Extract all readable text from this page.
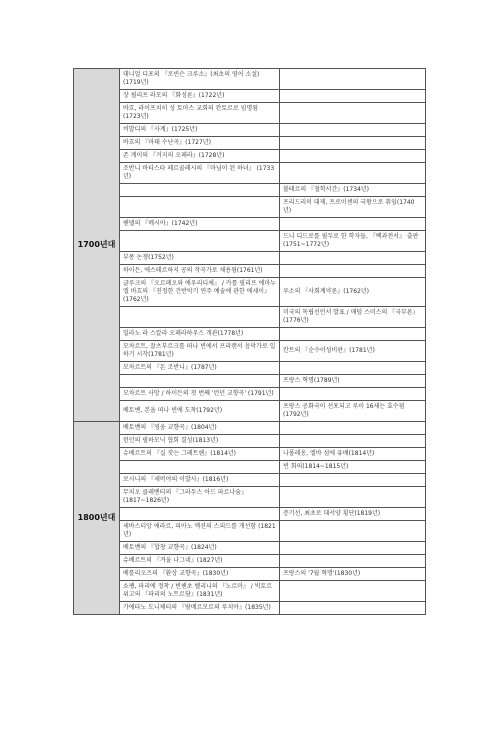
1700년대	대니얼 디포의 『로빈슨 크루소』(최초의 영어 소설) (1719년)	
	장 필리프 라모의 『화성론』(1722년)	
	바흐, 라이프치히 성 토마스 교회의 칸토르로 임명됨 (1723년)	
	비발디의 『사계』(1725년)	
	바흐의 『마태 수난곡』(1727년)	
	존 게이의 『거지의 오페라』(1728년)	
	조반니 바티스타 페르골레시의 『마님이 된 하녀』 (1733년)	
		볼테르의 『철학서간』(1734년)
		프리드리히 대제, 프로이센의 국왕으로 취임(1740년)
	헨델의 『메시아』(1742년)	
		드니 디드로를 필두로 한 학자들, 『백과전서』 출판 (1751~1772년)
	부퐁 논쟁(1752년)	
	하이든, 에스테르하지 공의 작곡가로 채용됨(1761년)	
	글루크의 『오르페오와 에우리디체』 / 카를 필리프 에마누엘 바흐의 『진정한 건반악기 연주 예술에 관한 에세이』(1762년)	루소의 『사회계약론』(1762년)
		미국의 독립선언서 발표 / 애덤 스미스의 『국부론』 (1776년)
	밀라노 라 스칼라 오페라하우스 개관(1778년)	
	모차르트, 잘츠부르크를 떠나 빈에서 프리랜서 음악가로 일하기 시작(1781년)	칸트의 『순수이성비판』(1781년)
	모차르트의 『돈 조반니』(1787년)	
		프랑스 혁명(1789년)
	모차르트 사망 / 하이든의 첫 번째 '런던 교향곡' (1791년)	
	베토벤, 본을 떠나 빈에 도착(1792년)	프랑스 공화국이 선포되고 루이 16세는 효수됨 (1792년)
1800년대	베토벤의 『영웅 교향곡』(1804년)	
	런던의 필하모닉 협회 결성(1813년)	
	슈베르트의 『실 잣는 그레트헨』(1814년)	나폴레옹, 엘바 섬에 유배(1814년)
		빈 회의(1814~1815년)
	로시니의 『세비야의 이발사』(1816년)	
	무치오 클레멘티의 『그라두스 아드 파르나숨』 (1817~1826년)	
		증기선, 최초로 대서양 횡단(1819년)
	세바스티앙 에라르, 피아노 액션의 스피드를 개선함 (1821년)	
	베토벤의 『합창 교향곡』(1824년)	
	슈베르트의 『겨울 나그네』(1827년)	
	베를리오즈의 『환상 교향곡』(1830년)	프랑스의 '7월 혁명'(1830년)
	쇼팽, 파리에 정착 / 빈첸초 벨리니의 『노르마』 / 빅토르 위고의 『파리의 노트르담』(1831년)	
	가에타노 도니체티의 『람메르모르의 루치아』(1835년)	
